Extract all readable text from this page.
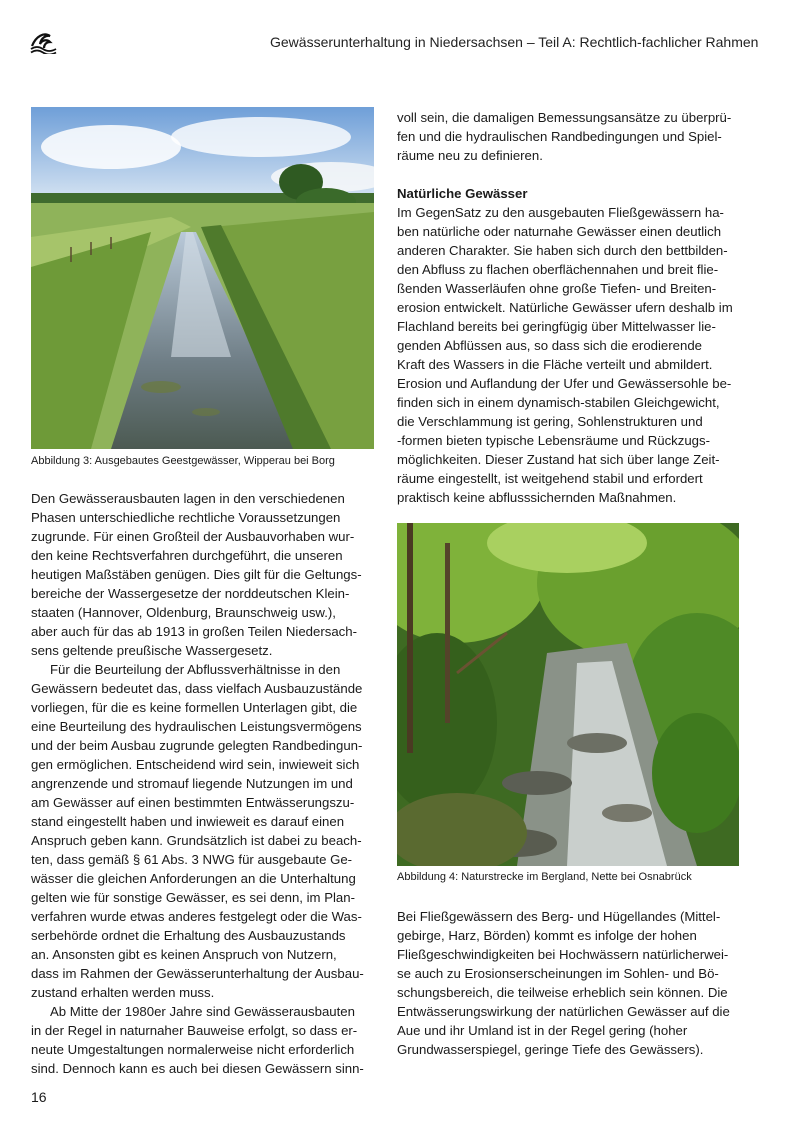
Gewässerunterhaltung in Niedersachsen – Teil A: Rechtlich-fachlicher Rahmen
Abbildung 3: Ausgebautes Geestgewässer, Wipperau bei Borg

Den Gewässerausbauten lagen in den verschiedenen
Phasen unterschiedliche rechtliche Voraussetzungen
zugrunde. Für einen Großteil der Ausbauvorhaben wur-
den keine Rechtsverfahren durchgeführt, die unseren
heutigen Maßstäben genügen. Dies gilt für die Geltungs-
bereiche der Wassergesetze der norddeutschen Klein-
staaten (Hannover, Oldenburg, Braunschweig usw.),
aber auch für das ab 1913 in großen Teilen Niedersach-
sens geltende preußische Wassergesetz.

Für die Beurteilung der Abflussverhältnisse in den
Gewässern bedeutet das, dass vielfach Ausbauzustände
vorliegen, für die es keine formellen Unterlagen gibt, die
eine Beurteilung des hydraulischen Leistungsvermögens
und der beim Ausbau zugrunde gelegten Randbedingun-
gen ermöglichen. Entscheidend wird sein, inwieweit sich
angrenzende und stromauf liegende Nutzungen im und
am Gewässer auf einen bestimmten Entwässerungszu-
stand eingestellt haben und inwieweit es darauf einen
Anspruch geben kann. Grundsätzlich ist dabei zu beach-
ten, dass gemäß § 61 Abs. 3 NWG für ausgebaute Ge-
wässer die gleichen Anforderungen an die Unterhaltung
gelten wie für sonstige Gewässer, es sei denn, im Plan-
verfahren wurde etwas anderes festgelegt oder die Was-
serbehörde ordnet die Erhaltung des Ausbauzustands
an. Ansonsten gibt es keinen Anspruch von Nutzern,
dass im Rahmen der Gewässerunterhaltung der Ausbau-
zustand erhalten werden muss.

Ab Mitte der 1980er Jahre sind Gewässerausbauten
in der Regel in naturnaher Bauweise erfolgt, so dass er-
neute Umgestaltungen normalerweise nicht erforderlich
sind. Dennoch kann es auch bei diesen Gewässern sinn-

voll sein, die damaligen Bemessungsansätze zu überprü-
fen und die hydraulischen Randbedingungen und Spiel-
räume neu zu definieren.

Natürliche Gewässer

Im GegenSatz zu den ausgebauten Fließgewässern ha-
ben natürliche oder naturnahe Gewässer einen deutlich
anderen Charakter. Sie haben sich durch den bettbilden-
den Abfluss zu flachen oberflächennahen und breit flie-
ßenden Wasserläufen ohne große Tiefen- und Breiten-
erosion entwickelt. Natürliche Gewässer ufern deshalb im
Flachland bereits bei geringfügig über Mittelwasser lie-
genden Abflüssen aus, so dass sich die erodierende
Kraft des Wassers in die Fläche verteilt und abmildert.
Erosion und Auflandung der Ufer und Gewässersohle be-
finden sich in einem dynamisch-stabilen Gleichgewicht,
die Verschlammung ist gering, Sohlenstrukturen und
-formen bieten typische Lebensräume und Rückzugs-
möglichkeiten. Dieser Zustand hat sich über lange Zeit-
räume eingestellt, ist weitgehend stabil und erfordert
praktisch keine abflusssichernden Maßnahmen.

Abbildung 4: Naturstrecke im Bergland, Nette bei Osnabrück

Bei Fließgewässern des Berg- und Hügellandes (Mittel-
gebirge, Harz, Börden) kommt es infolge der hohen
Fließgeschwindigkeiten bei Hochwässern natürlicherwei-
se auch zu Erosionserscheinungen im Sohlen- und Bö-
schungsbereich, die teilweise erheblich sein können. Die
Entwässerungswirkung der natürlichen Gewässer auf die
Aue und ihr Umland ist in der Regel gering (hoher
Grundwasserspiegel, geringe Tiefe des Gewässers).

16
